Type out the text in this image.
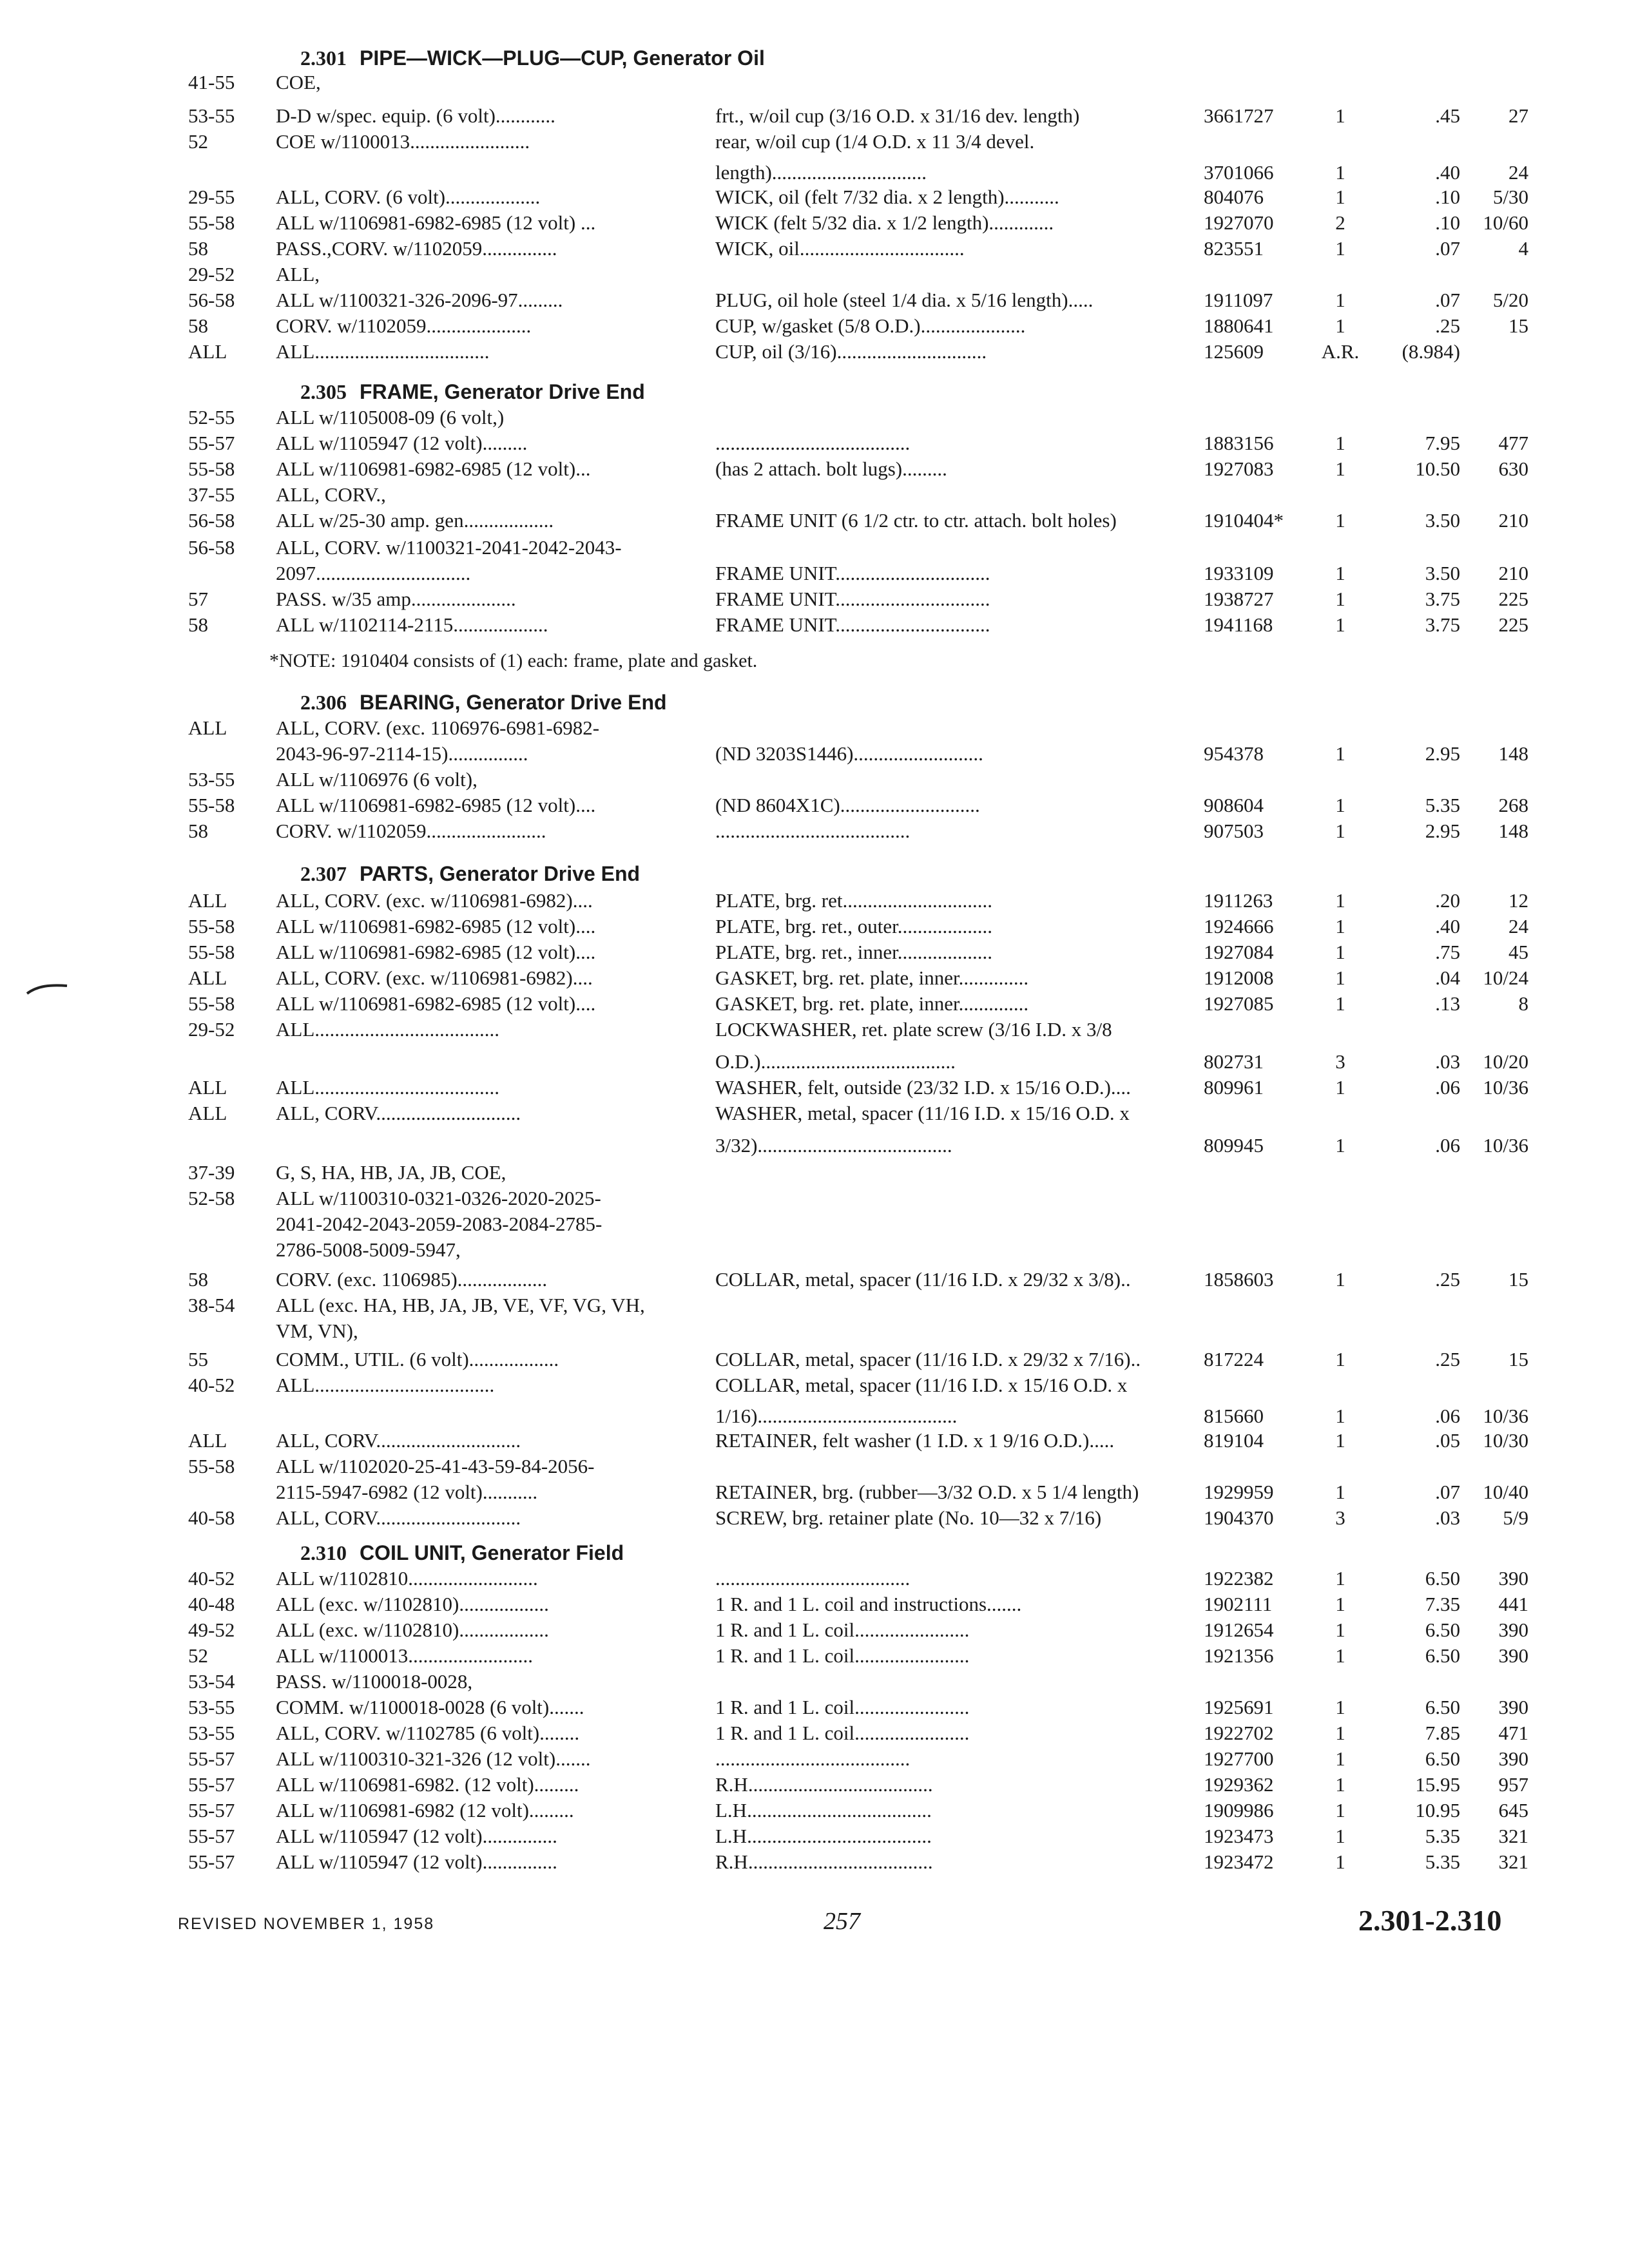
2.301 PIPE—WICK—PLUG—CUP, Generator Oil
41-55	COE,
53-55	D-D w/spec. equip. (6 volt)............	frt., w/oil cup (3/16 O.D. x 31/16 dev. length)	3661727	1	.45	27
52	COE w/1100013........................	rear, w/oil cup (1/4 O.D. x 11 3/4 devel.
length)...............................	3701066	1	.40	24
29-55	ALL, CORV. (6 volt)...................	WICK, oil (felt 7/32 dia. x 2 length)...........	804076	1	.10	5/30
55-58	ALL w/1106981-6982-6985 (12 volt) ...	WICK (felt 5/32 dia. x 1/2 length).............	1927070	2	.10	10/60
58	PASS.,CORV. w/1102059...............	WICK, oil.................................	823551	1	.07	4
29-52	ALL,
56-58	ALL w/1100321-326-2096-97.........	PLUG, oil hole (steel 1/4 dia. x 5/16 length).....	1911097	1	.07	5/20
58	CORV. w/1102059.....................	CUP, w/gasket (5/8 O.D.).....................	1880641	1	.25	15
ALL	ALL...................................	CUP, oil (3/16)..............................	125609	A.R.	(8.984)
2.305 FRAME, Generator Drive End
52-55	ALL w/1105008-09 (6 volt,)
55-57	ALL w/1105947 (12 volt).........	.......................................	1883156	1	7.95	477
55-58	ALL w/1106981-6982-6985 (12 volt)...	(has 2 attach. bolt lugs).........	1927083	1	10.50	630
37-55	ALL, CORV.,
56-58	ALL w/25-30 amp. gen..................	FRAME UNIT (6 1/2 ctr. to ctr. attach. bolt holes)	1910404*	1	3.50	210
56-58	ALL, CORV. w/1100321-2041-2042-2043-
2097...............................	FRAME UNIT...............................	1933109	1	3.50	210
57	PASS. w/35 amp.....................	FRAME UNIT...............................	1938727	1	3.75	225
58	ALL w/1102114-2115...................	FRAME UNIT...............................	1941168	1	3.75	225
*NOTE: 1910404 consists of (1) each: frame, plate and gasket.
2.306 BEARING, Generator Drive End
ALL	ALL, CORV. (exc. 1106976-6981-6982-
2043-96-97-2114-15)................	(ND 3203S1446)..........................	954378	1	2.95	148
53-55	ALL w/1106976 (6 volt),
55-58	ALL w/1106981-6982-6985 (12 volt)....	(ND 8604X1C)............................	908604	1	5.35	268
58	CORV. w/1102059........................	.......................................	907503	1	2.95	148
2.307 PARTS, Generator Drive End
ALL	ALL, CORV. (exc. w/1106981-6982)....	PLATE, brg. ret..............................	1911263	1	.20	12
55-58	ALL w/1106981-6982-6985 (12 volt)....	PLATE, brg. ret., outer...................	1924666	1	.40	24
55-58	ALL w/1106981-6982-6985 (12 volt)....	PLATE, brg. ret., inner...................	1927084	1	.75	45
ALL	ALL, CORV. (exc. w/1106981-6982)....	GASKET, brg. ret. plate, inner..............	1912008	1	.04	10/24
55-58	ALL w/1106981-6982-6985 (12 volt)....	GASKET, brg. ret. plate, inner..............	1927085	1	.13	8
29-52	ALL.....................................	LOCKWASHER, ret. plate screw (3/16 I.D. x 3/8
O.D.).......................................	802731	3	.03	10/20
ALL	ALL.....................................	WASHER, felt, outside (23/32 I.D. x 15/16 O.D.)....	809961	1	.06	10/36
ALL	ALL, CORV.............................	WASHER, metal, spacer (11/16 I.D. x 15/16 O.D. x
3/32).......................................	809945	1	.06	10/36
37-39	G, S, HA, HB, JA, JB, COE,
52-58	ALL w/1100310-0321-0326-2020-2025-
2041-2042-2043-2059-2083-2084-2785-
2786-5008-5009-5947,
58	CORV. (exc. 1106985)..................	COLLAR, metal, spacer (11/16 I.D. x 29/32 x 3/8)..	1858603	1	.25	15
38-54	ALL (exc. HA, HB, JA, JB, VE, VF, VG, VH,
VM, VN),
55	COMM., UTIL. (6 volt)..................	COLLAR, metal, spacer (11/16 I.D. x 29/32 x 7/16)..	817224	1	.25	15
40-52	ALL....................................	COLLAR, metal, spacer (11/16 I.D. x 15/16 O.D. x
1/16)........................................	815660	1	.06	10/36
ALL	ALL, CORV.............................	RETAINER, felt washer (1 I.D. x 1 9/16 O.D.).....	819104	1	.05	10/30
55-58	ALL w/1102020-25-41-43-59-84-2056-
2115-5947-6982 (12 volt)...........	RETAINER, brg. (rubber—3/32 O.D. x 5 1/4 length)	1929959	1	.07	10/40
40-58	ALL, CORV.............................	SCREW, brg. retainer plate (No. 10—32 x 7/16)	1904370	3	.03	5/9
2.310 COIL UNIT, Generator Field
40-52	ALL w/1102810..........................	.......................................	1922382	1	6.50	390
40-48	ALL (exc. w/1102810)..................	1 R. and 1 L. coil and instructions.......	1902111	1	7.35	441
49-52	ALL (exc. w/1102810)..................	1 R. and 1 L. coil.......................	1912654	1	6.50	390
52	ALL w/1100013.........................	1 R. and 1 L. coil.......................	1921356	1	6.50	390
53-54	PASS. w/1100018-0028,
53-55	COMM. w/1100018-0028 (6 volt).......	1 R. and 1 L. coil.......................	1925691	1	6.50	390
53-55	ALL, CORV. w/1102785 (6 volt)........	1 R. and 1 L. coil.......................	1922702	1	7.85	471
55-57	ALL w/1100310-321-326 (12 volt).......	.......................................	1927700	1	6.50	390
55-57	ALL w/1106981-6982. (12 volt).........	R.H.....................................	1929362	1	15.95	957
55-57	ALL w/1106981-6982 (12 volt).........	L.H.....................................	1909986	1	10.95	645
55-57	ALL w/1105947 (12 volt)...............	L.H.....................................	1923473	1	5.35	321
55-57	ALL w/1105947 (12 volt)...............	R.H.....................................	1923472	1	5.35	321
REVISED NOVEMBER 1, 1958	257	2.301-2.310
